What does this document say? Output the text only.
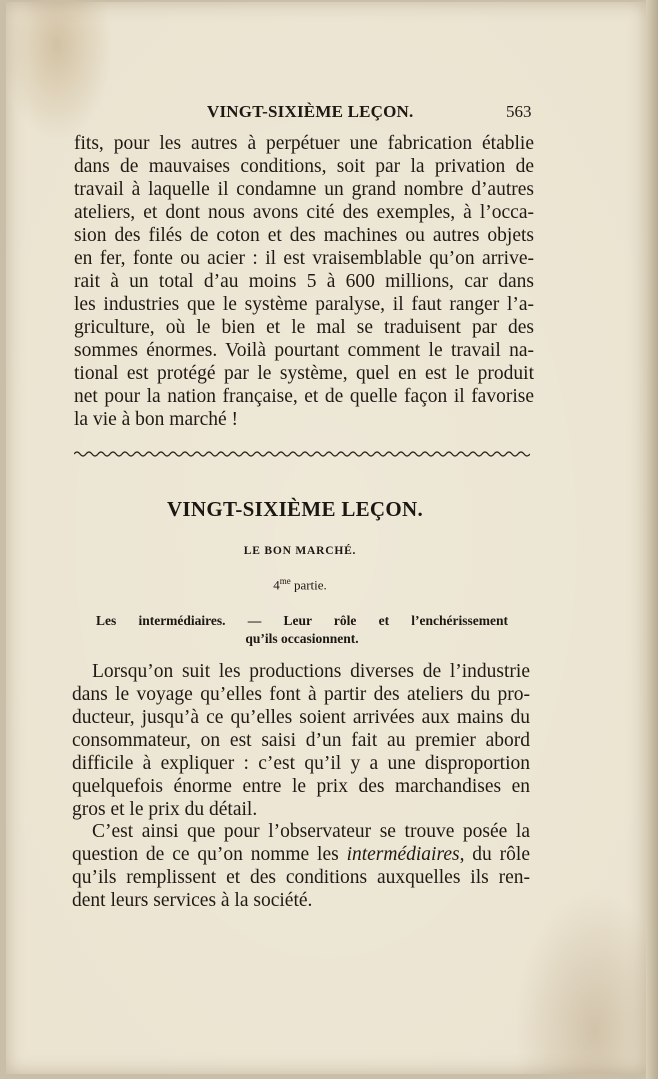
VINGT-SIXIÈME LEÇON.	563
fits, pour les autres à perpétuer une fabrication établie
dans de mauvaises conditions, soit par la privation de
travail à laquelle il condamne un grand nombre d’autres
ateliers, et dont nous avons cité des exemples, à l’occa-
sion des filés de coton et des machines ou autres objets
en fer, fonte ou acier : il est vraisemblable qu’on arrive-
rait à un total d’au moins 5 à 600 millions, car dans
les industries que le système paralyse, il faut ranger l’a-
griculture, où le bien et le mal se traduisent par des
sommes énormes. Voilà pourtant comment le travail na-
tional est protégé par le système, quel en est le produit
net pour la nation française, et de quelle façon il favorise
la vie à bon marché !
VINGT-SIXIÈME LEÇON.
LE BON MARCHÉ.
$4^{me}$ partie.
Les intermédiaires. — Leur rôle et l’enchérissement
qu’ils occasionnent.
Lorsqu’on suit les productions diverses de l’industrie
dans le voyage qu’elles font à partir des ateliers du pro-
ducteur, jusqu’à ce qu’elles soient arrivées aux mains du
consommateur, on est saisi d’un fait au premier abord
difficile à expliquer : c’est qu’il y a une disproportion
quelquefois énorme entre le prix des marchandises en
gros et le prix du détail.
C’est ainsi que pour l’observateur se trouve posée la
question de ce qu’on nomme les intermédiaires, du rôle
qu’ils remplissent et des conditions auxquelles ils ren-
dent leurs services à la société.
